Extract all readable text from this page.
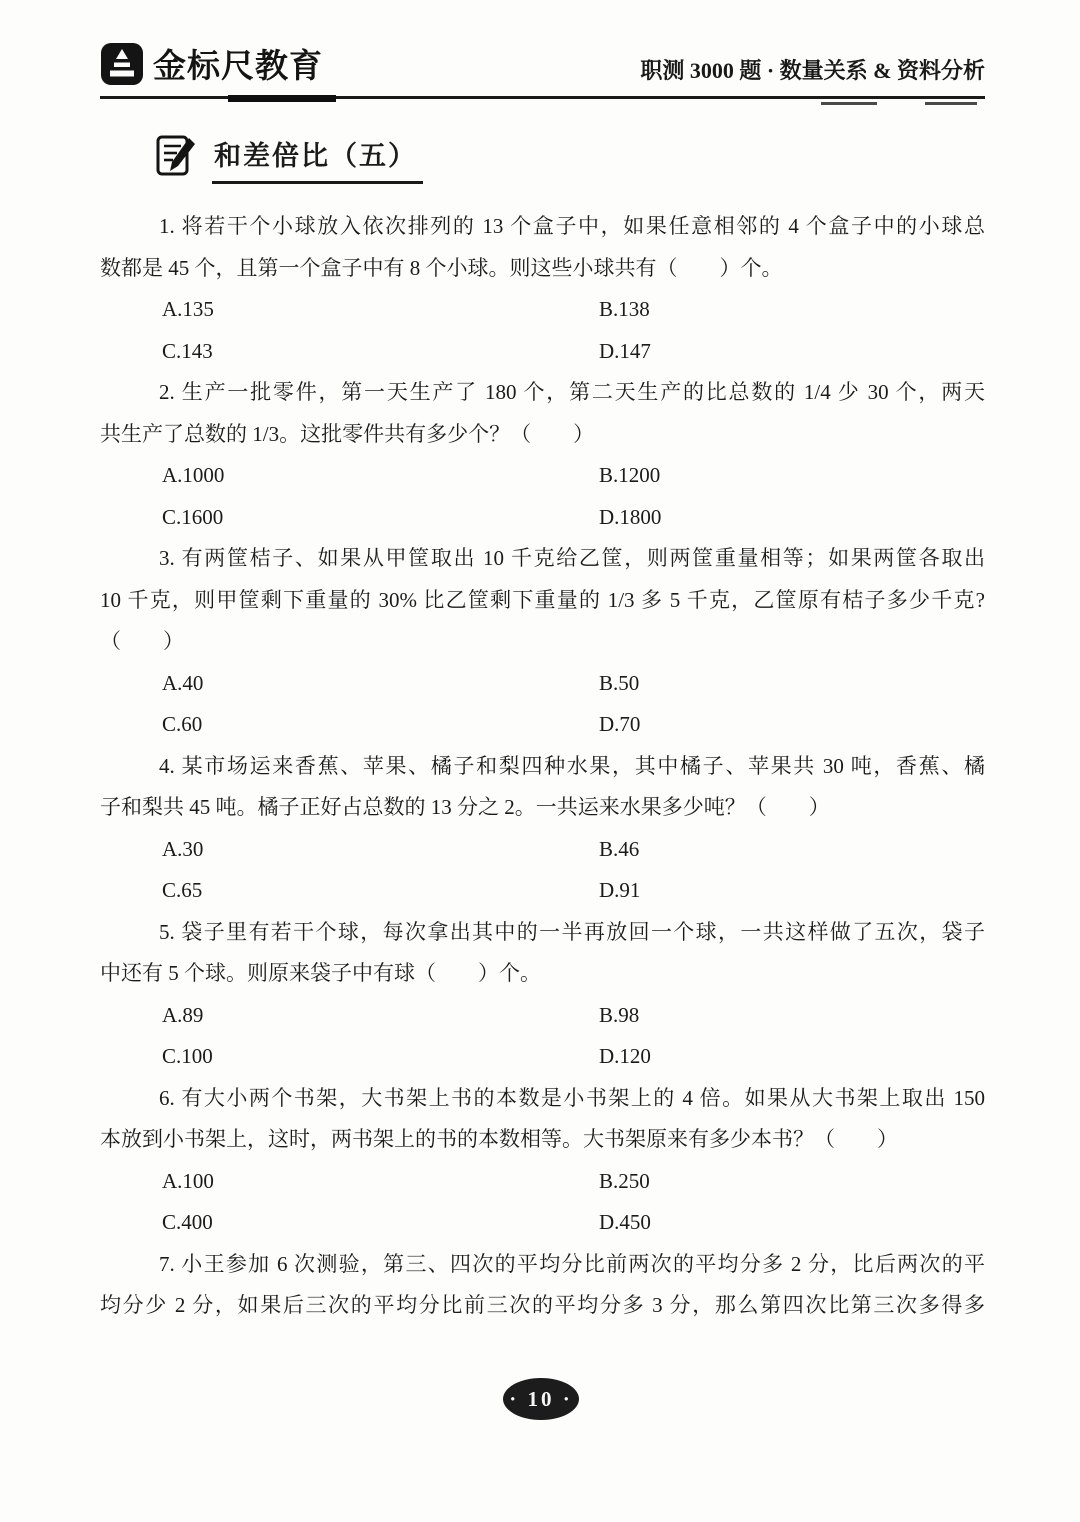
金标尺教育	职测 3000 题 · 数量关系 & 资料分析
和差倍比（五）
1. 将若干个小球放入依次排列的 13 个盒子中，如果任意相邻的 4 个盒子中的小球总
数都是 45 个，且第一个盒子中有 8 个小球。则这些小球共有（　　）个。
A.135	B.138
C.143	D.147
2. 生产一批零件，第一天生产了 180 个，第二天生产的比总数的 1/4 少 30 个，两天
共生产了总数的 1/3。这批零件共有多少个？（　　）
A.1000	B.1200
C.1600	D.1800
3. 有两筐桔子、如果从甲筐取出 10 千克给乙筐，则两筐重量相等；如果两筐各取出
10 千克，则甲筐剩下重量的 30% 比乙筐剩下重量的 1/3 多 5 千克，乙筐原有桔子多少千克?
（　　）
A.40	B.50
C.60	D.70
4. 某市场运来香蕉、苹果、橘子和梨四种水果，其中橘子、苹果共 30 吨，香蕉、橘
子和梨共 45 吨。橘子正好占总数的 13 分之 2。一共运来水果多少吨？（　　）
A.30	B.46
C.65	D.91
5. 袋子里有若干个球，每次拿出其中的一半再放回一个球，一共这样做了五次，袋子
中还有 5 个球。则原来袋子中有球（　　）个。
A.89	B.98
C.100	D.120
6. 有大小两个书架，大书架上书的本数是小书架上的 4 倍。如果从大书架上取出 150
本放到小书架上，这时，两书架上的书的本数相等。大书架原来有多少本书？（　　）
A.100	B.250
C.400	D.450
7. 小王参加 6 次测验，第三、四次的平均分比前两次的平均分多 2 分，比后两次的平
均分少 2 分，如果后三次的平均分比前三次的平均分多 3 分，那么第四次比第三次多得多
· 10 ·
